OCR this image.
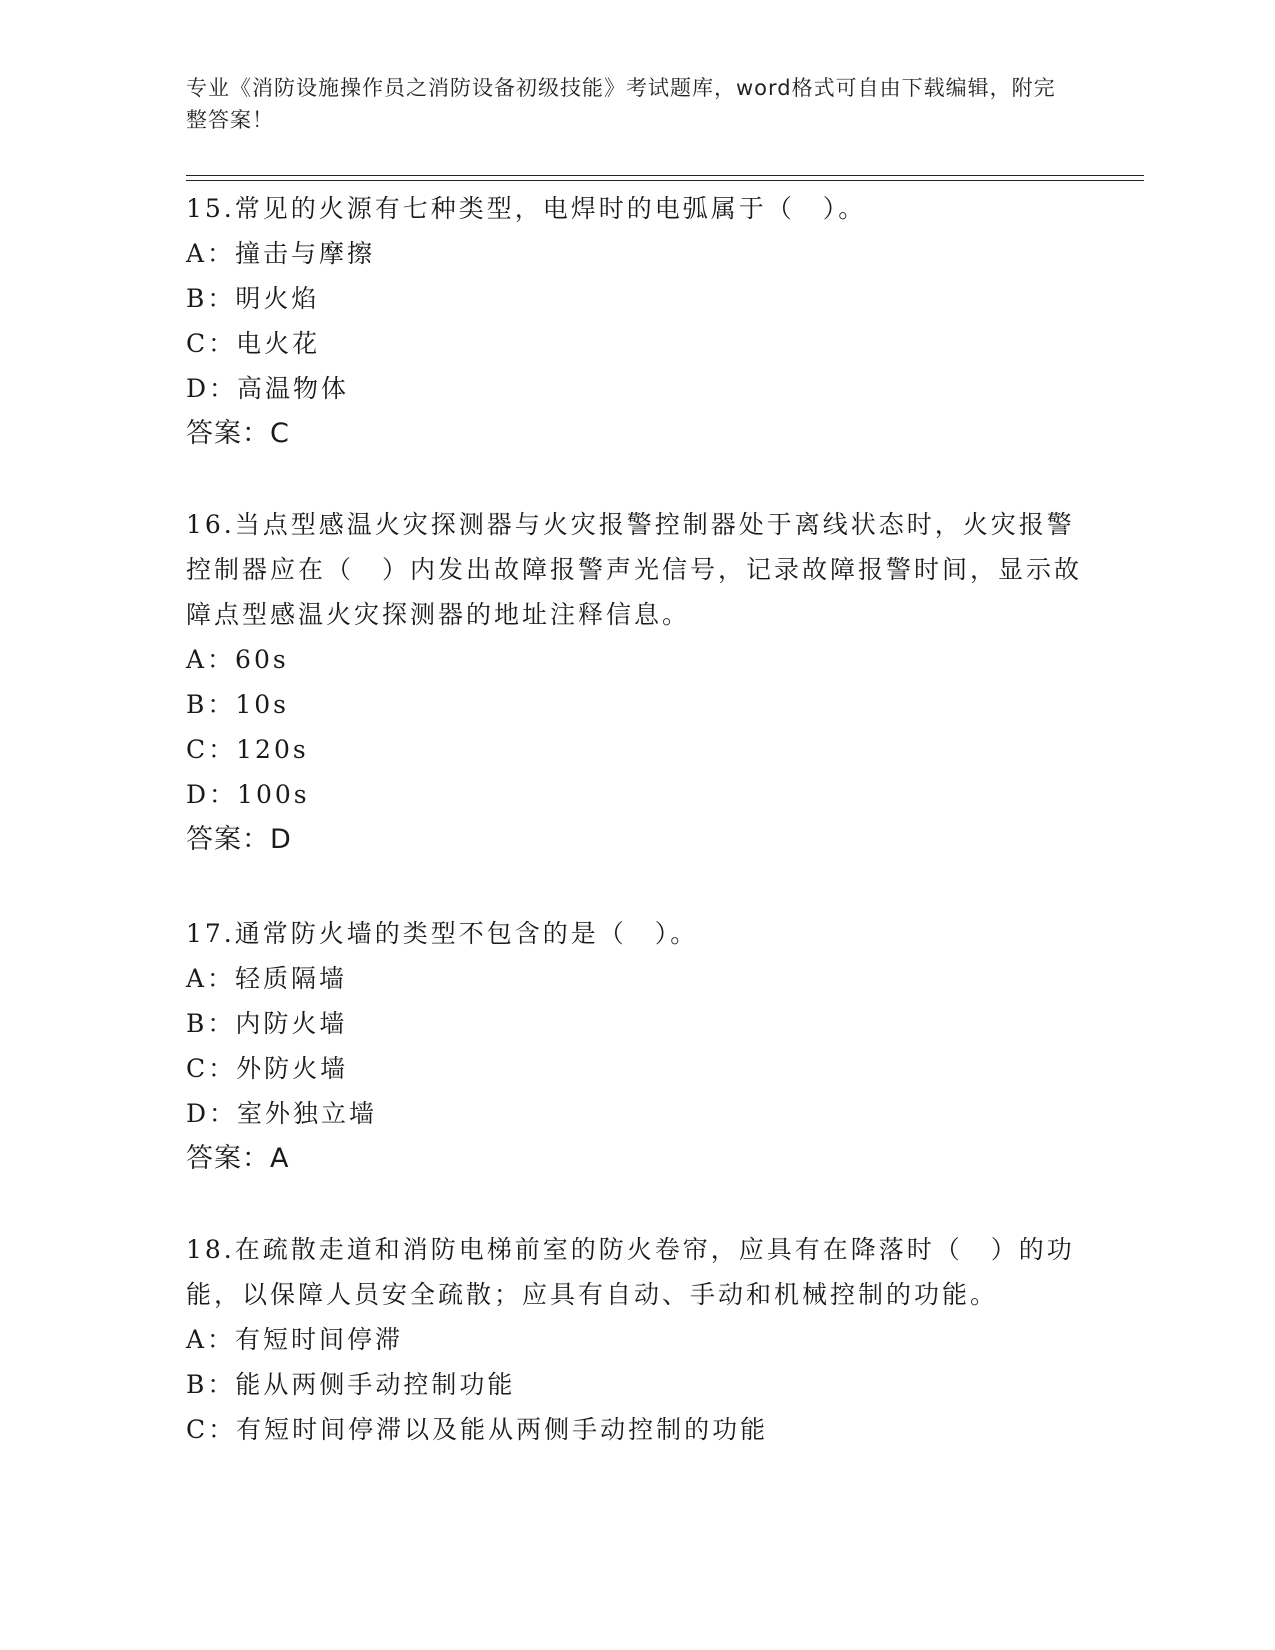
专业《消防设施操作员之消防设备初级技能》考试题库，word格式可自由下载编辑，附完整答案！
15.常见的火源有七种类型，电焊时的电弧属于（　）。
A：撞击与摩擦
B：明火焰
C：电火花
D：高温物体
答案：C
16.当点型感温火灾探测器与火灾报警控制器处于离线状态时，火灾报警控制器应在（　）内发出故障报警声光信号，记录故障报警时间，显示故障点型感温火灾探测器的地址注释信息。
A：60s
B：10s
C：120s
D：100s
答案：D
17.通常防火墙的类型不包含的是（　）。
A：轻质隔墙
B：内防火墙
C：外防火墙
D：室外独立墙
答案：A
18.在疏散走道和消防电梯前室的防火卷帘，应具有在降落时（　）的功能，以保障人员安全疏散；应具有自动、手动和机械控制的功能。
A：有短时间停滞
B：能从两侧手动控制功能
C：有短时间停滞以及能从两侧手动控制的功能
